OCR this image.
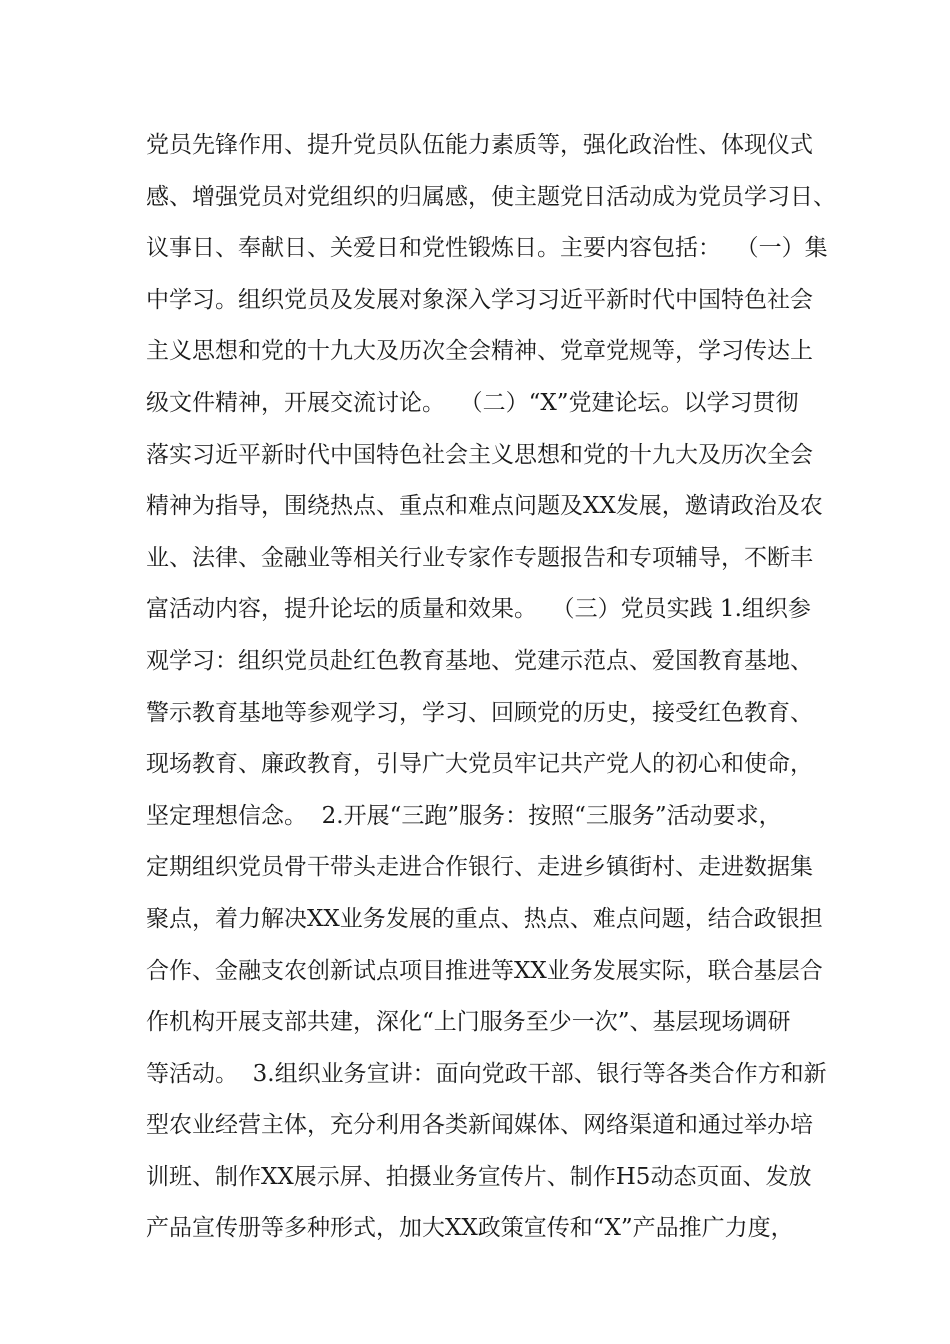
党员先锋作用、提升党员队伍能力素质等，强化政治性、体现仪式
感、增强党员对党组织的归属感，使主题党日活动成为党员学习日、
议事日、奉献日、关爱日和党性锻炼日。主要内容包括：  （一）集
中学习。组织党员及发展对象深入学习习近平新时代中国特色社会
主义思想和党的十九大及历次全会精神、党章党规等，学习传达上
级文件精神，开展交流讨论。  （二）“X”党建论坛。以学习贯彻
落实习近平新时代中国特色社会主义思想和党的十九大及历次全会
精神为指导，围绕热点、重点和难点问题及XX发展，邀请政治及农
业、法律、金融业等相关行业专家作专题报告和专项辅导，不断丰
富活动内容，提升论坛的质量和效果。  （三）党员实践 1.组织参
观学习：组织党员赴红色教育基地、党建示范点、爱国教育基地、
警示教育基地等参观学习，学习、回顾党的历史，接受红色教育、
现场教育、廉政教育，引导广大党员牢记共产党人的初心和使命，
坚定理想信念。  2.开展“三跑”服务：按照“三服务”活动要求，
定期组织党员骨干带头走进合作银行、走进乡镇街村、走进数据集
聚点，着力解决XX业务发展的重点、热点、难点问题，结合政银担
合作、金融支农创新试点项目推进等XX业务发展实际，联合基层合
作机构开展支部共建，深化“上门服务至少一次”、基层现场调研
等活动。  3.组织业务宣讲：面向党政干部、银行等各类合作方和新
型农业经营主体，充分利用各类新闻媒体、网络渠道和通过举办培
训班、制作XX展示屏、拍摄业务宣传片、制作H5动态页面、发放
产品宣传册等多种形式，加大XX政策宣传和“X”产品推广力度，
